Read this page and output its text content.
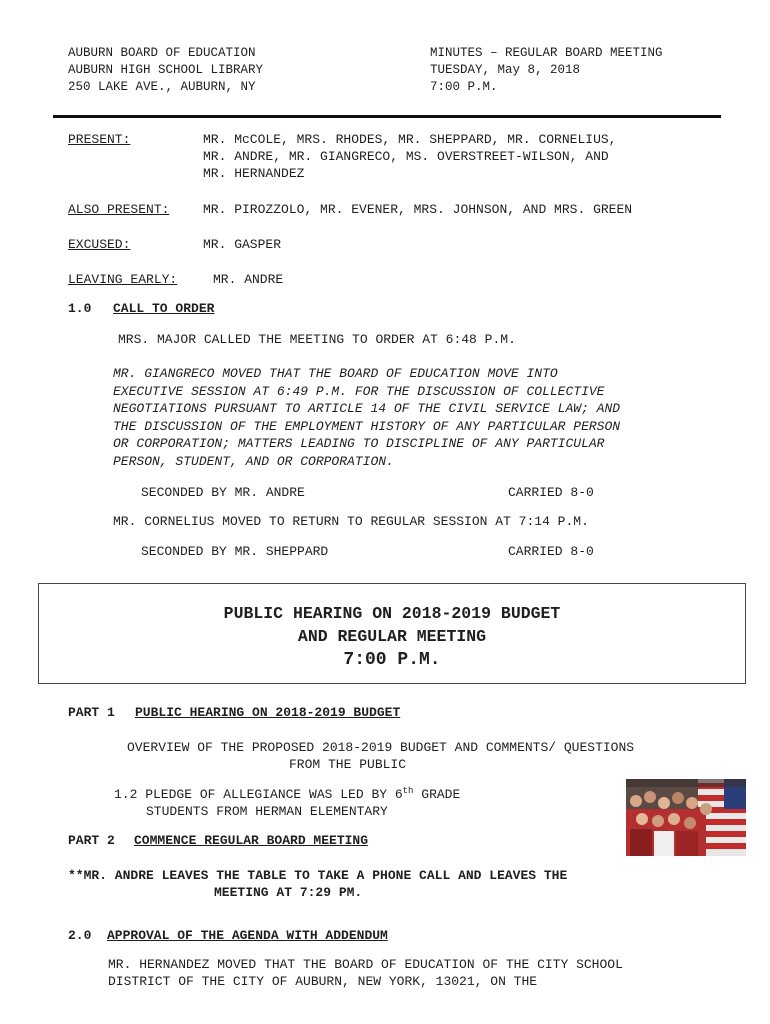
AUBURN BOARD OF EDUCATION
AUBURN HIGH SCHOOL LIBRARY
250 LAKE AVE., AUBURN, NY
MINUTES – REGULAR BOARD MEETING
TUESDAY, May 8, 2018
7:00 P.M.
PRESENT:	MR. McCOLE, MRS. RHODES, MR. SHEPPARD, MR. CORNELIUS,
MR. ANDRE, MR. GIANGRECO, MS. OVERSTREET-WILSON, AND
MR. HERNANDEZ
ALSO PRESENT:	MR. PIROZZOLO, MR. EVENER, MRS. JOHNSON, AND MRS. GREEN
EXCUSED:	MR. GASPER
LEAVING EARLY:	MR. ANDRE
1.0 CALL TO ORDER
MRS. MAJOR CALLED THE MEETING TO ORDER AT 6:48 P.M.
MR. GIANGRECO MOVED THAT THE BOARD OF EDUCATION MOVE INTO
EXECUTIVE SESSION AT 6:49 P.M. FOR THE DISCUSSION OF COLLECTIVE
NEGOTIATIONS PURSUANT TO ARTICLE 14 OF THE CIVIL SERVICE LAW; AND
THE DISCUSSION OF THE EMPLOYMENT HISTORY OF ANY PARTICULAR PERSON
OR CORPORATION; MATTERS LEADING TO DISCIPLINE OF ANY PARTICULAR
PERSON, STUDENT, AND OR CORPORATION.
SECONDED BY MR. ANDRE	CARRIED 8-0
MR. CORNELIUS MOVED TO RETURN TO REGULAR SESSION AT 7:14 P.M.
SECONDED BY MR. SHEPPARD	CARRIED 8-0
PUBLIC HEARING ON 2018-2019 BUDGET
AND REGULAR MEETING
7:00 P.M.
PART 1 PUBLIC HEARING ON 2018-2019 BUDGET
OVERVIEW OF THE PROPOSED 2018-2019 BUDGET AND COMMENTS/ QUESTIONS
FROM THE PUBLIC
1.2 PLEDGE OF ALLEGIANCE WAS LED BY 6th GRADE
STUDENTS FROM HERMAN ELEMENTARY
PART 2 COMMENCE REGULAR BOARD MEETING
**MR. ANDRE LEAVES THE TABLE TO TAKE A PHONE CALL AND LEAVES THE
MEETING AT 7:29 PM.
2.0 APPROVAL OF THE AGENDA WITH ADDENDUM
MR. HERNANDEZ MOVED THAT THE BOARD OF EDUCATION OF THE CITY SCHOOL
DISTRICT OF THE CITY OF AUBURN, NEW YORK, 13021, ON THE
